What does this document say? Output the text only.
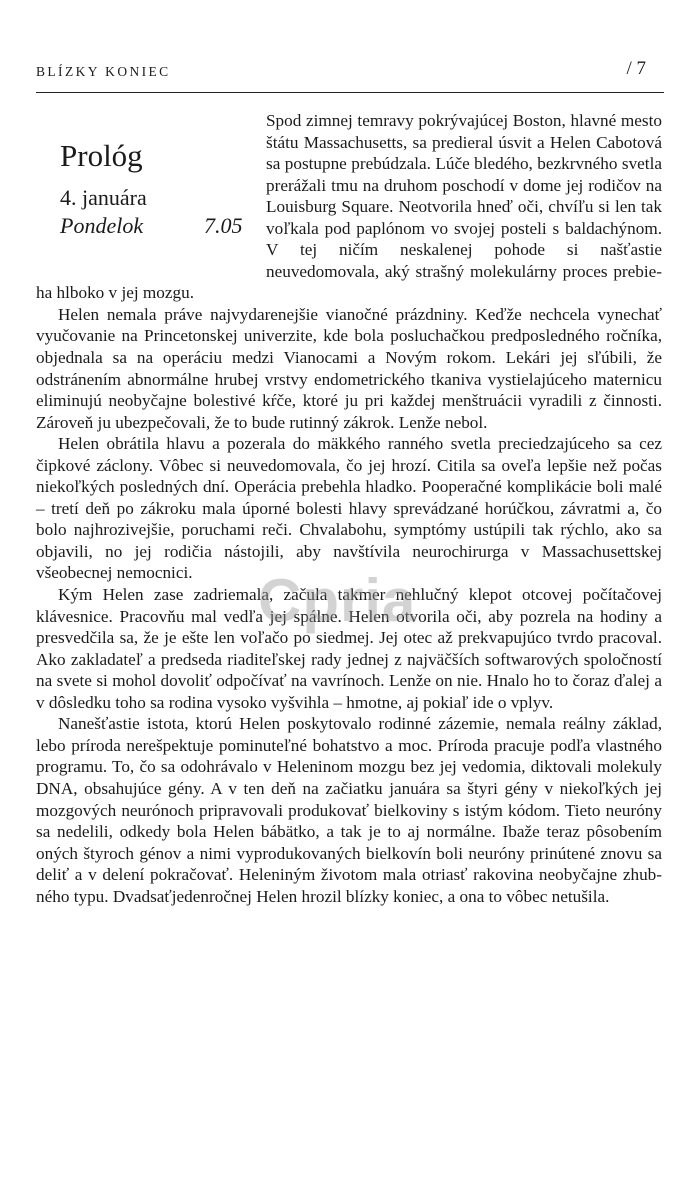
BLÍZKY KONIEC	/ 7
Prológ
4. januára
Pondelok	7.05

Spod zimnej temravy pokrývajúcej Boston, hlavné mesto štátu Massachusetts, sa predieral úsvit a Helen Cabotová sa postupne prebúdzala. Lúče bledého, bezkrvného svetla prerážali tmu na druhom poschodí v dome jej rodičov na Louisburg Square. Neotvorila hneď oči, chvíľu si len tak voľkala pod paplónom vo svojej posteli s baldachýnom. V tej ničím neskalenej pohode si našťastie neuvedomovala, aký strašný molekulárny proces prebieha hlboko v jej mozgu.

Helen nemala práve najvydarenejšie vianočné prázdniny. Keďže nechcela vynechať vyučovanie na Princetonskej univerzite, kde bola posluchačkou predposledného ročníka, objednala sa na operáciu medzi Vianocami a Novým rokom. Lekári jej sľúbili, že odstránením abnormálne hrubej vrstvy endometrického tkaniva vystielajúceho maternicu eliminujú neobyčajne bolestivé kŕče, ktoré ju pri každej menštruácii vyradili z činnosti. Zároveň ju ubezpečovali, že to bude rutinný zákrok. Lenže nebol.

Helen obrátila hlavu a pozerala do mäkkého ranného svetla preciedzajúceho sa cez čipkové záclony. Vôbec si neuvedomovala, čo jej hrozí. Citila sa oveľa lepšie než počas niekoľkých posledných dní. Operácia prebehla hladko. Pooperačné komplikácie boli malé – tretí deň po zákroku mala úporné bolesti hlavy sprevádzané horúčkou, závratmi a, čo bolo najhrozivejšie, poruchami reči. Chvalabohu, symptómy ustúpili tak rýchlo, ako sa objavili, no jej rodičia nástojili, aby navštívila neurochirurga v Massachusettskej všeobecnej nemocnici.

Kým Helen zase zadriemala, začula takmer nehlučný klepot otcovej počítačovej klávesnice. Pracovňu mal vedľa jej spálne. Helen otvorila oči, aby pozrela na hodiny a presvedčila sa, že je ešte len voľačo po siedmej. Jej otec až prekvapujúco tvrdo pracoval. Ako zakladateľ a predseda riaditeľskej rady jednej z najväčších softwarových spoločností na svete si mohol dovoliť odpočívať na vavrínoch. Lenže on nie. Hnalo ho to čoraz ďalej a v dôsledku toho sa rodina vysoko vyšvihla – hmotne, aj pokiaľ ide o vplyv.

Nanešťastie istota, ktorú Helen poskytovalo rodinné zázemie, nemala reálny základ, lebo príroda nerešpektuje pominuteľné bohatstvo a moc. Príroda pracuje podľa vlastného programu. To, čo sa odohrávalo v Heleninom mozgu bez jej vedomia, diktovali molekuly DNA, obsahujúce gény. A v ten deň na začiatku januára sa štyri gény v niekoľkých jej mozgových neurónoch pripravovali produkovať bielkoviny s istým kódom. Tieto neuróny sa nedelili, odkedy bola Helen bábätko, a tak je to aj normálne. Ibaže teraz pôsobením oných štyroch génov a nimi vyprodukovaných bielkovín boli neuróny prinútené znovu sa deliť a v delení pokračovať. Heleniným životom mala otriasť rakovina neobyčajne zhubného typu. Dvadsaťjedenročnej Helen hrozil blízky koniec, a ona to vôbec netušila.

Cpria
